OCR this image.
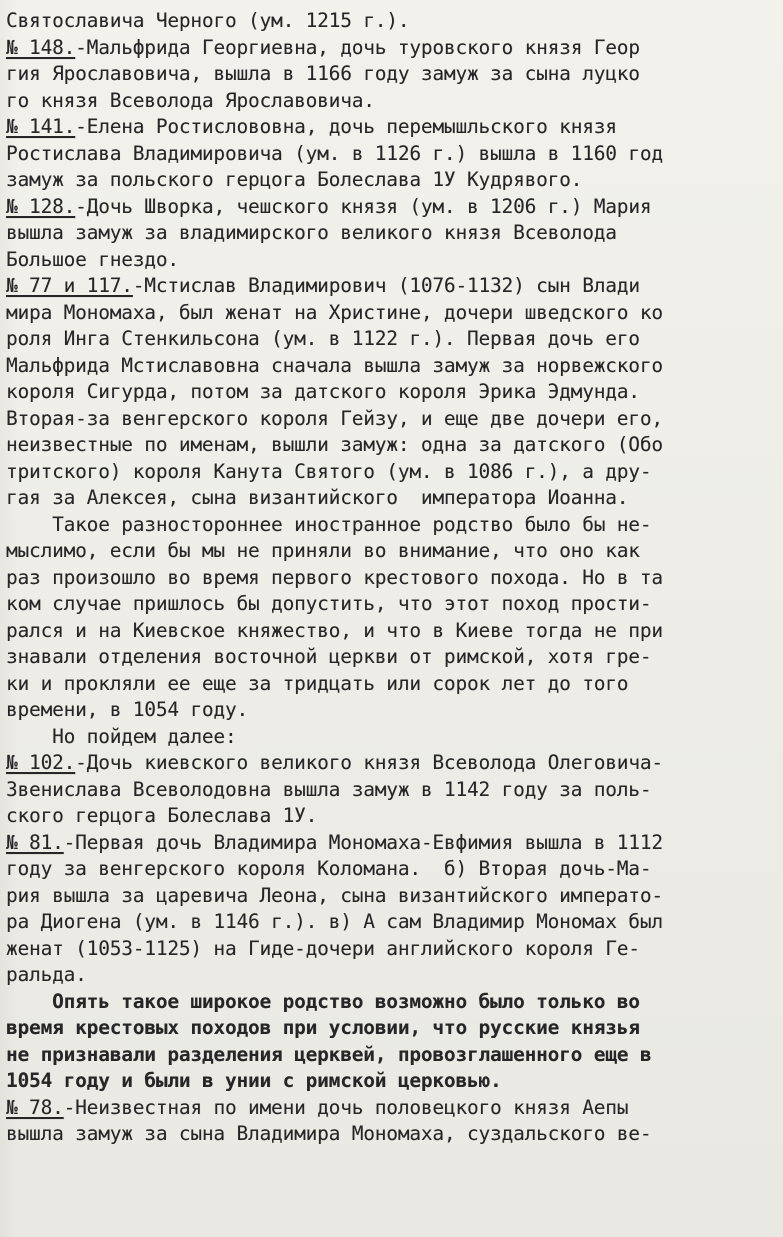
Святославича Черного (ум. 1215 г.).
№ 148.-Мальфрида Георгиевна, дочь туровского князя Геор
гия Ярославовича, вышла в 1166 году замуж за сына луцко
го князя Всеволода Ярославовича.
№ 141.-Елена Ростислововна, дочь перемышльского князя
Ростислава Владимировича (ум. в 1126 г.) вышла в 1160 год
замуж за польского герцога Болеслава 1У Кудрявого.
№ 128.-Дочь Шворка, чешского князя (ум. в 1206 г.) Мария
вышла замуж за владимирского великого князя Всеволода
Большое гнездо.
№ 77 и 117.-Мстислав Владимирович (1076-1132) сын Влади
мира Мономаха, был женат на Христине, дочери шведского ко
роля Инга Стенкильсона (ум. в 1122 г.). Первая дочь его
Мальфрида Мстиславовна сначала вышла замуж за норвежского
короля Сигурда, потом за датского короля Эрика Эдмунда.
Вторая-за венгерского короля Гейзу, и еще две дочери его,
неизвестные по именам, вышли замуж: одна за датского (Обо
тритского) короля Канута Святого (ум. в 1086 г.), а дру-
гая за Алексея, сына византийского  императора Иоанна.
Такое разностороннее иностранное родство было бы не-
мыслимо, если бы мы не приняли во внимание, что оно как
раз произошло во время первого крестового похода. Но в та
ком случае пришлось бы допустить, что этот поход прости-
рался и на Киевское княжество, и что в Киеве тогда не при
знавали отделения восточной церкви от римской, хотя гре-
ки и прокляли ее еще за тридцать или сорок лет до того
времени, в 1054 году.
Но пойдем далее:
№ 102.-Дочь киевского великого князя Всеволода Олеговича-
Звенислава Всеволодовна вышла замуж в 1142 году за поль-
ского герцога Болеслава 1У.
№ 81.-Первая дочь Владимира Мономаха-Евфимия вышла в 1112
году за венгерского короля Коломана.  б) Вторая дочь-Ма-
рия вышла за царевича Леона, сына византийского императо-
ра Диогена (ум. в 1146 г.). в) А сам Владимир Мономах был
женат (1053-1125) на Гиде-дочери английского короля Ге-
ральда.
Опять такое широкое родство возможно было только во
время крестовых походов при условии, что русские князья
не признавали разделения церквей, провозглашенного еще в
1054 году и были в унии с римской церковью.
№ 78.-Неизвестная по имени дочь половецкого князя Аепы
вышла замуж за сына Владимира Мономаха, суздальского ве-
